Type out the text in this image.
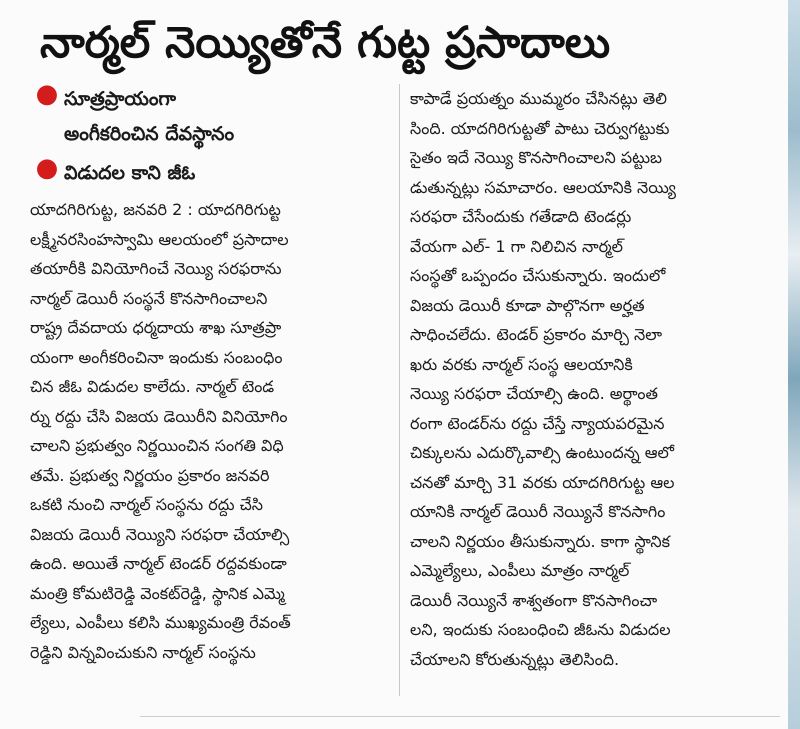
నార్మల్ నెయ్యితోనే గుట్ట ప్రసాదాలు
● సూత్రప్రాయంగా
అంగీకరించిన దేవస్థానం
● విడుదల కాని జీఓ
యాదగిరిగుట్ట, జనవరి 2 : యాదగిరిగుట్ట
లక్ష్మీనరసింహస్వామి ఆలయంలో ప్రసాదాల
తయారీకి వినియోగించే నెయ్యి సరఫరాను
నార్మల్ డెయిరీ సంస్థనే కొనసాగించాలని
రాష్ట్ర దేవదాయ ధర్మదాయ శాఖ సూత్రప్రా
యంగా అంగీకరించినా ఇందుకు సంబంధిం
చిన జీఓ విడుదల కాలేదు. నార్మల్ టెండ
ర్ను రద్దు చేసి విజయ డెయిరీని వినియోగిం
చాలని ప్రభుత్వం నిర్ణయించిన సంగతి విధి
తమే. ప్రభుత్వ నిర్ణయం ప్రకారం జనవరి
ఒకటి నుంచి నార్మల్ సంస్థను రద్దు చేసి
విజయ డెయిరీ నెయ్యిని సరఫరా చేయాల్సి
ఉంది. అయితే నార్మల్ టెండర్ రద్దవకుండా
మంత్రి కోమటిరెడ్డి వెంకట్‌రెడ్డి, స్థానిక ఎమ్మె
ల్యేలు, ఎంపీలు కలిసి ముఖ్యమంత్రి రేవంత్
రెడ్డిని విన్నవించుకుని నార్మల్ సంస్థను
కాపాడే ప్రయత్నం ముమ్మరం చేసినట్లు తెలి
సింది. యాదగిరిగుట్టతో పాటు చెర్వుగట్టుకు
సైతం ఇదే నెయ్యి కొనసాగించాలని పట్టుబ
డుతున్నట్లు సమాచారం. ఆలయానికి నెయ్యి
సరఫరా చేసేందుకు గతేడాది టెండర్లు
వేయగా ఎల్- 1 గా నిలిచిన నార్మల్
సంస్థతో ఒప్పందం చేసుకున్నారు. ఇందులో
విజయ డెయిరీ కూడా పాల్గొనగా అర్హత
సాధించలేదు. టెండర్ ప్రకారం మార్చి నెలా
ఖరు వరకు నార్మల్ సంస్థ ఆలయానికి
నెయ్యి సరఫరా చేయాల్సి ఉంది. అర్థాంత
రంగా టెండర్‌ను రద్దు చేస్తే న్యాయపరమైన
చిక్కులను ఎదుర్కొవాల్సి ఉంటుందన్న ఆలో
చనతో మార్చి 31 వరకు యాదగిరిగుట్ట ఆల
యానికి నార్మల్ డెయిరీ నెయ్యినే కొనసాగిం
చాలని నిర్ణయం తీసుకున్నారు. కాగా స్థానిక
ఎమ్మెల్యేలు, ఎంపీలు మాత్రం నార్మల్
డెయిరీ నెయ్యినే శాశ్వతంగా కొనసాగించా
లని, ఇందుకు సంబంధించి జీఓను విడుదల
చేయాలని కోరుతున్నట్లు తెలిసింది.
